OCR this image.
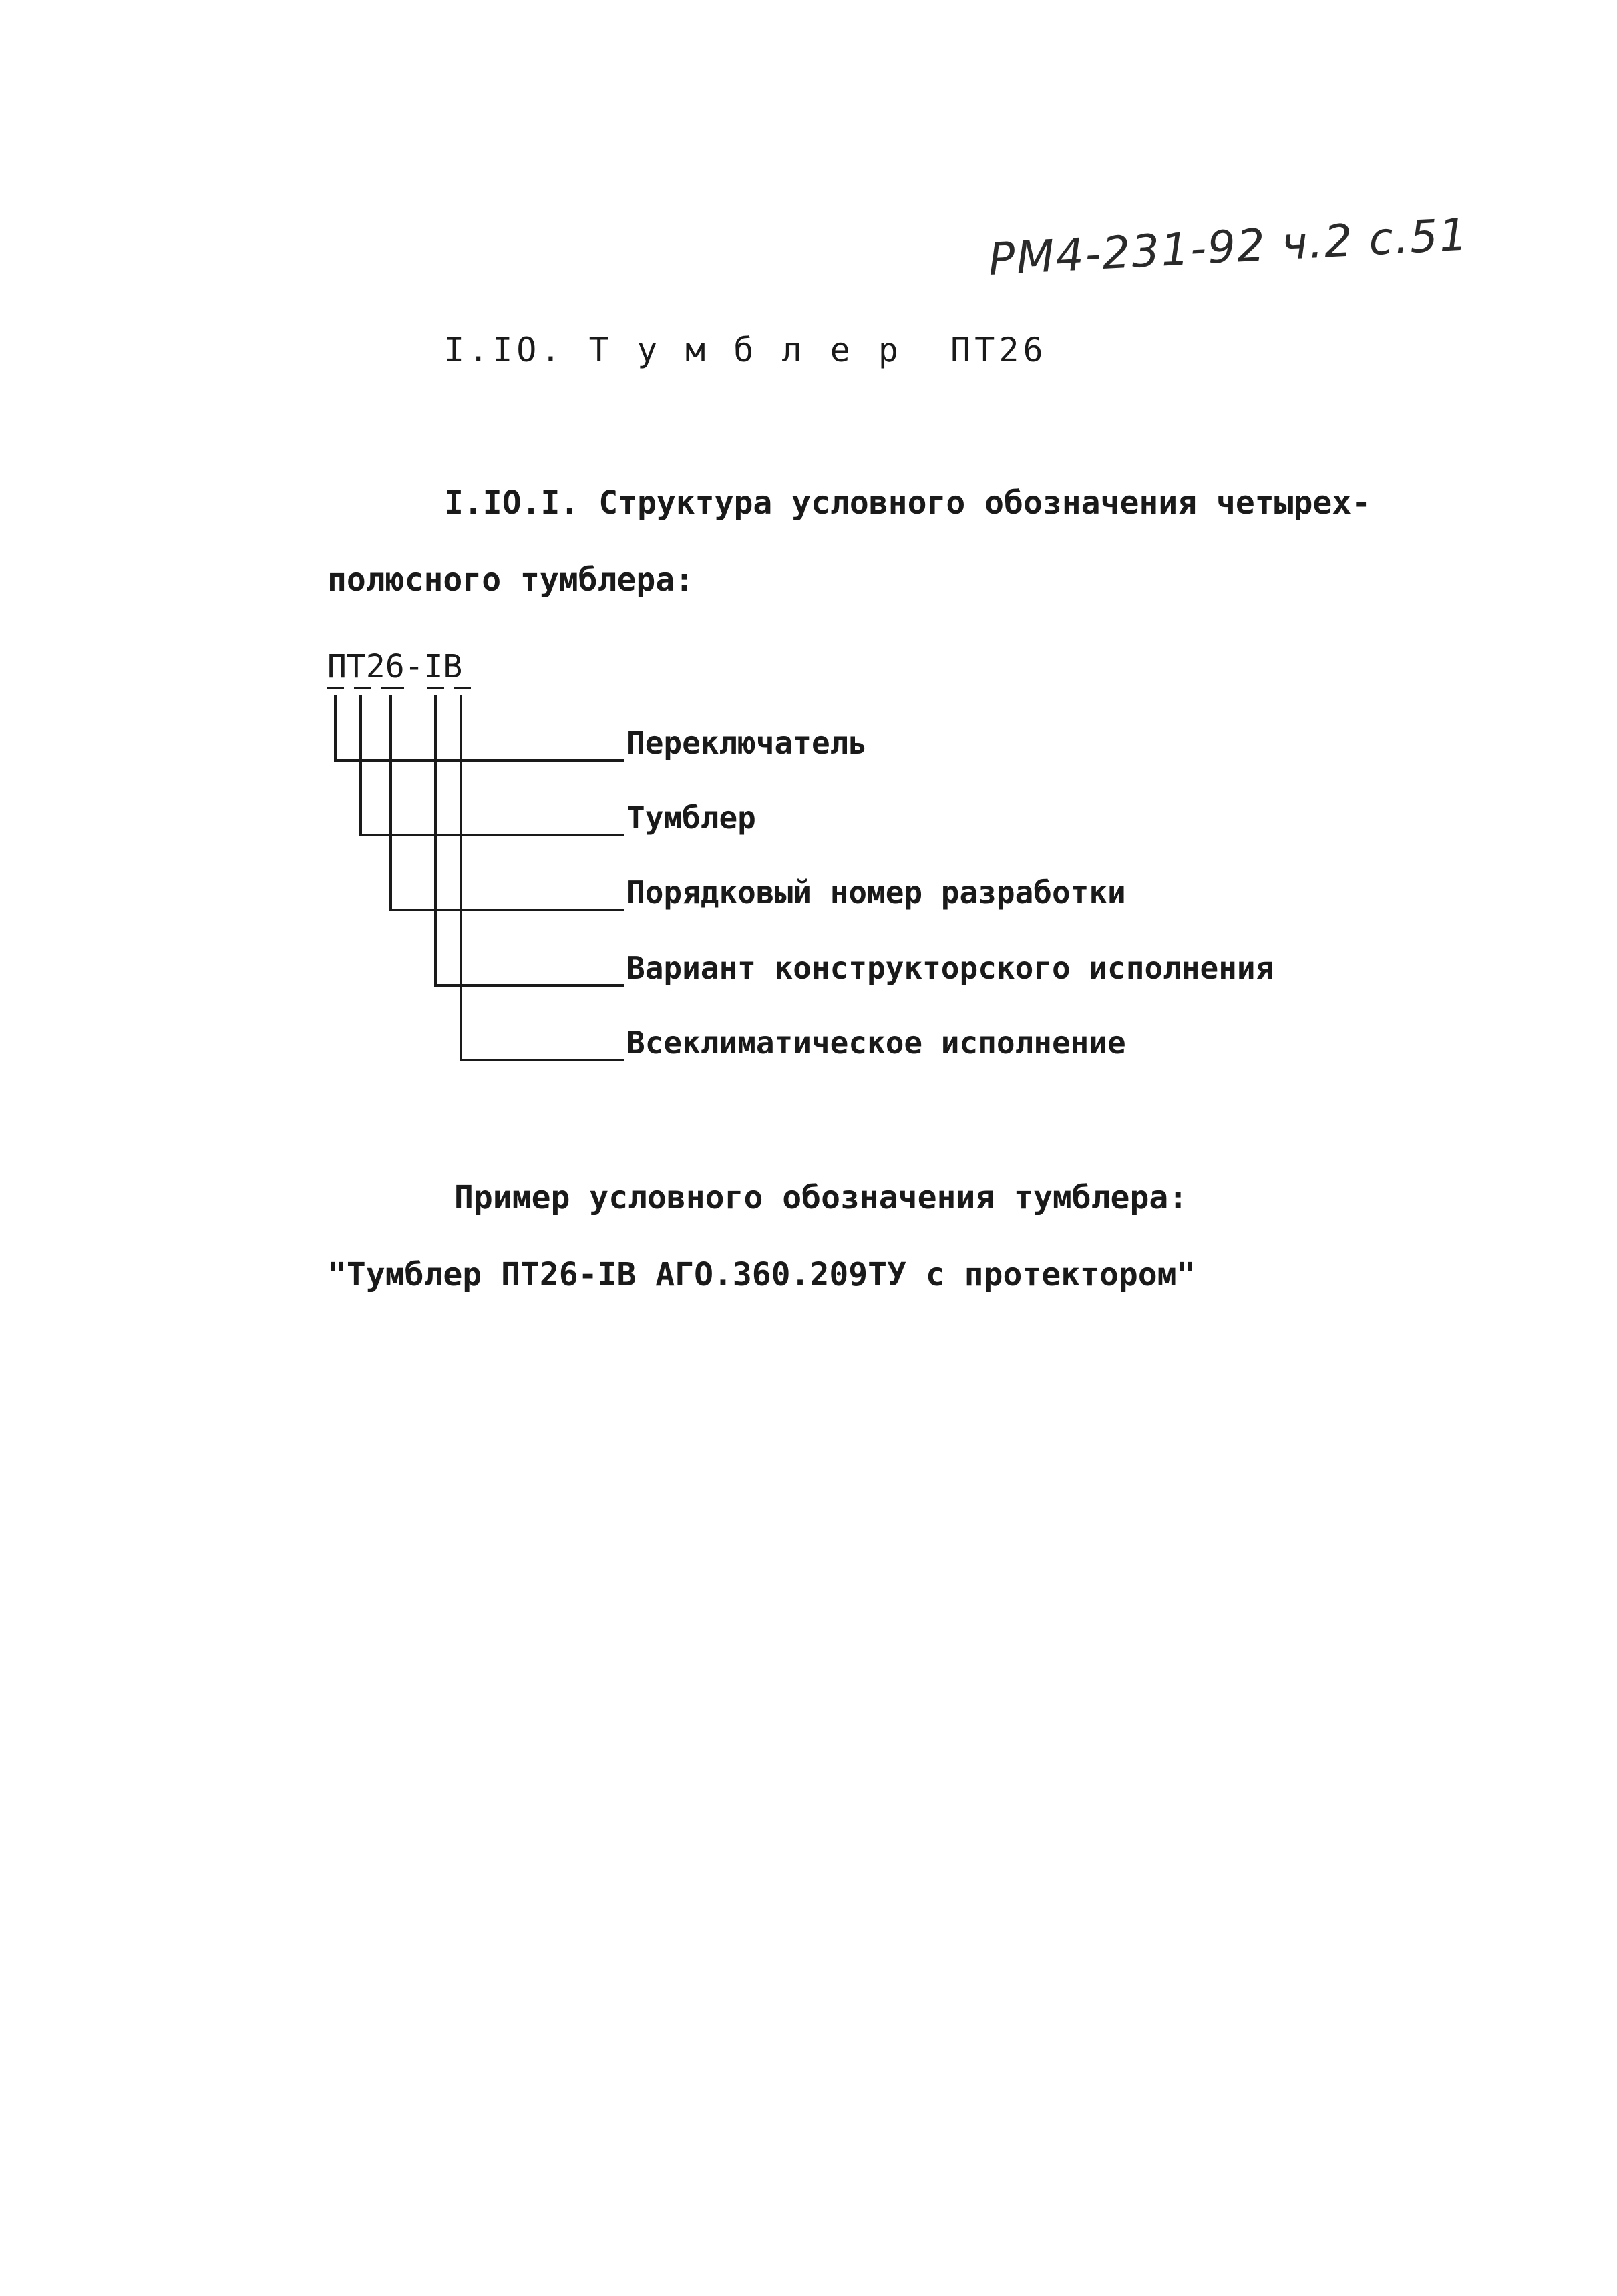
РМ4-231-92 ч.2 с.51
I.IO. Т у м б л е р  ПТ26
I.IO.I. Структура условного обозначения четырех-
полюсного тумблера:
ПТ26-IВ
Переключатель
Тумблер
Порядковый номер разработки
Вариант конструкторского исполнения
Всеклиматическое исполнение
Пример условного обозначения тумблера:
"Тумблер ПТ26-IВ АГО.360.209ТУ с протектором"
